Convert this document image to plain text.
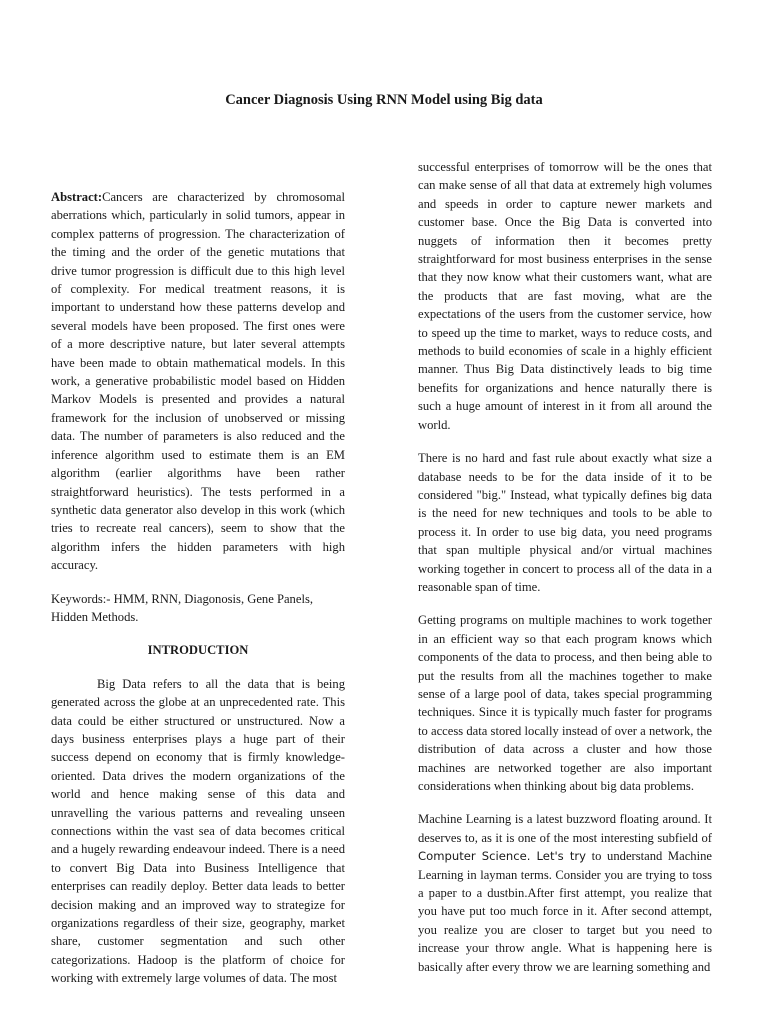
Cancer Diagnosis Using RNN Model using Big data

Abstract:Cancers are characterized by chromosomal aberrations which, particularly in solid tumors, appear in complex patterns of progression. The characterization of the timing and the order of the genetic mutations that drive tumor progression is difficult due to this high level of complexity. For medical treatment reasons, it is important to understand how these patterns develop and several models have been proposed. The first ones were of a more descriptive nature, but later several attempts have been made to obtain mathematical models. In this work, a generative probabilistic model based on Hidden Markov Models is presented and provides a natural framework for the inclusion of unobserved or missing data. The number of parameters is also reduced and the inference algorithm used to estimate them is an EM algorithm (earlier algorithms have been rather straightforward heuristics). The tests performed in a synthetic data generator also develop in this work (which tries to recreate real cancers), seem to show that the algorithm infers the hidden parameters with high accuracy.

Keywords:- HMM, RNN, Diagonosis, Gene Panels, Hidden Methods.

INTRODUCTION

Big Data refers to all the data that is being generated across the globe at an unprecedented rate. This data could be either structured or unstructured. Now a days business enterprises plays a huge part of their success depend on economy that is firmly knowledge-oriented. Data drives the modern organizations of the world and hence making sense of this data and unravelling the various patterns and revealing unseen connections within the vast sea of data becomes critical and a hugely rewarding endeavour indeed. There is a need to convert Big Data into Business Intelligence that enterprises can readily deploy. Better data leads to better decision making and an improved way to strategize for organizations regardless of their size, geography, market share, customer segmentation and such other categorizations. Hadoop is the platform of choice for working with extremely large volumes of data. The most

successful enterprises of tomorrow will be the ones that can make sense of all that data at extremely high volumes and speeds in order to capture newer markets and customer base. Once the Big Data is converted into nuggets of information then it becomes pretty straightforward for most business enterprises in the sense that they now know what their customers want, what are the products that are fast moving, what are the expectations of the users from the customer service, how to speed up the time to market, ways to reduce costs, and methods to build economies of scale in a highly efficient manner. Thus Big Data distinctively leads to big time benefits for organizations and hence naturally there is such a huge amount of interest in it from all around the world.

There is no hard and fast rule about exactly what size a database needs to be for the data inside of it to be considered "big." Instead, what typically defines big data is the need for new techniques and tools to be able to process it. In order to use big data, you need programs that span multiple physical and/or virtual machines working together in concert to process all of the data in a reasonable span of time.

Getting programs on multiple machines to work together in an efficient way so that each program knows which components of the data to process, and then being able to put the results from all the machines together to make sense of a large pool of data, takes special programming techniques. Since it is typically much faster for programs to access data stored locally instead of over a network, the distribution of data across a cluster and how those machines are networked together are also important considerations when thinking about big data problems.

Machine Learning is a latest buzzword floating around. It deserves to, as it is one of the most interesting subfield of Computer Science. Let's try to understand Machine Learning in layman terms. Consider you are trying to toss a paper to a dustbin.After first attempt, you realize that you have put too much force in it. After second attempt, you realize you are closer to target but you need to increase your throw angle. What is happening here is basically after every throw we are learning something and
